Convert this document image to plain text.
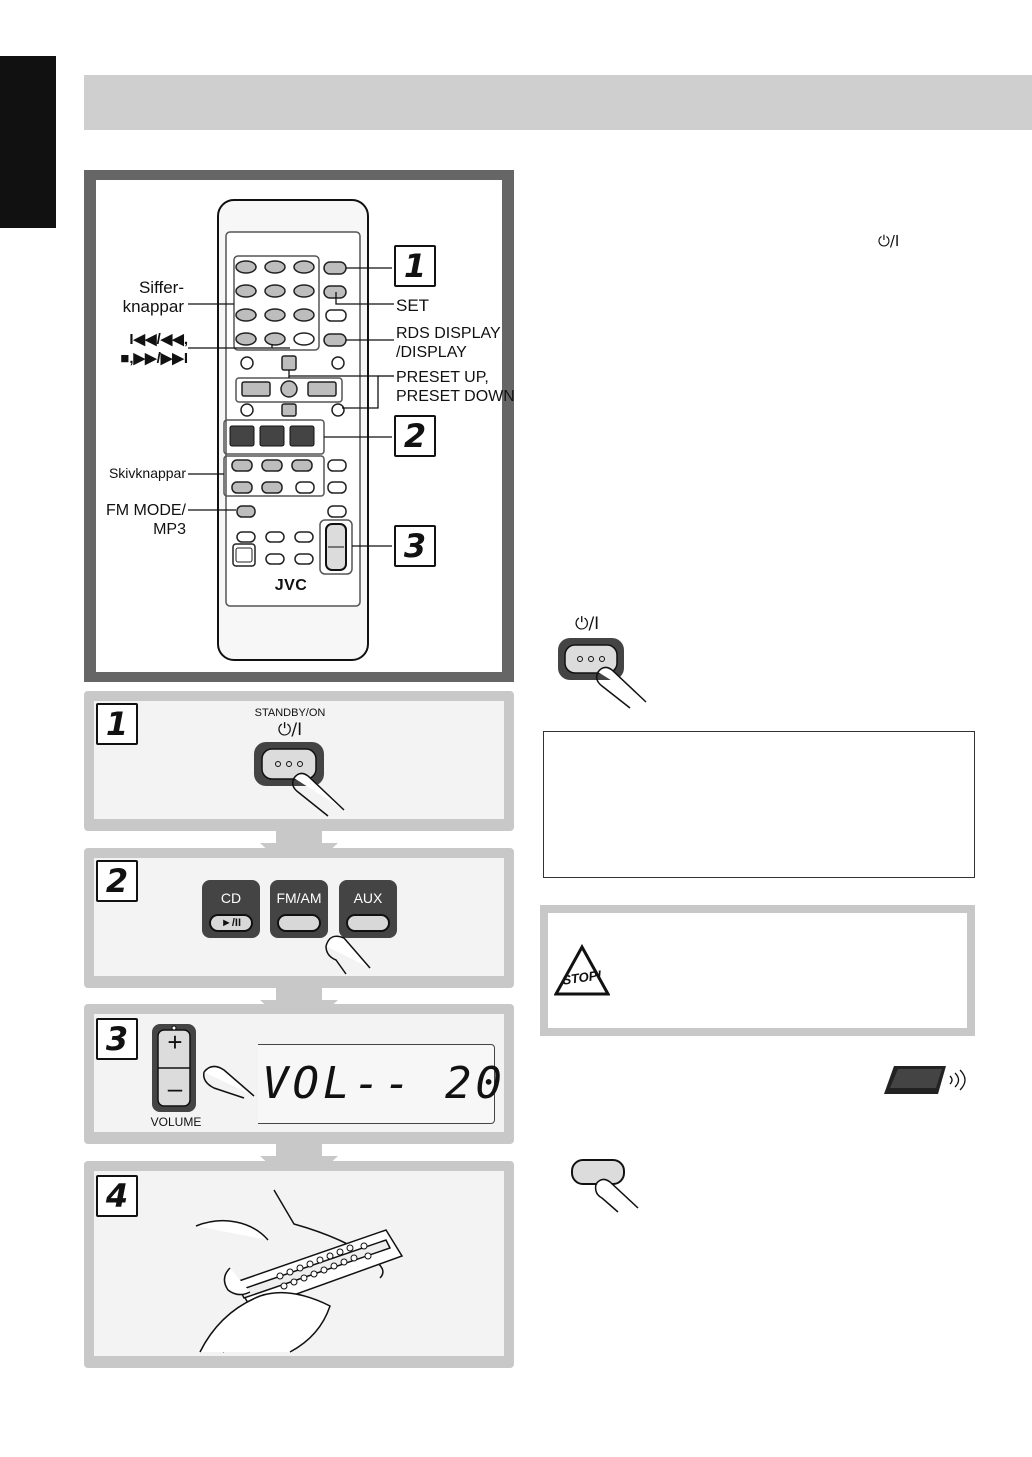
Siffer-
knappar
I◀◀/◀◀,
■,▶▶/▶▶I
Skivknappar
FM MODE/
MP3
SET
RDS DISPLAY
/DISPLAY
PRESET UP,
PRESET DOWN
JVC
1
2
3
1	STANDBY/ON
⏻/I
2	CD
►/II
FM/AM	AUX
3	+
–
VOLUME
VOL-- 20
4
⏻/I
⏻/I
STOP!
